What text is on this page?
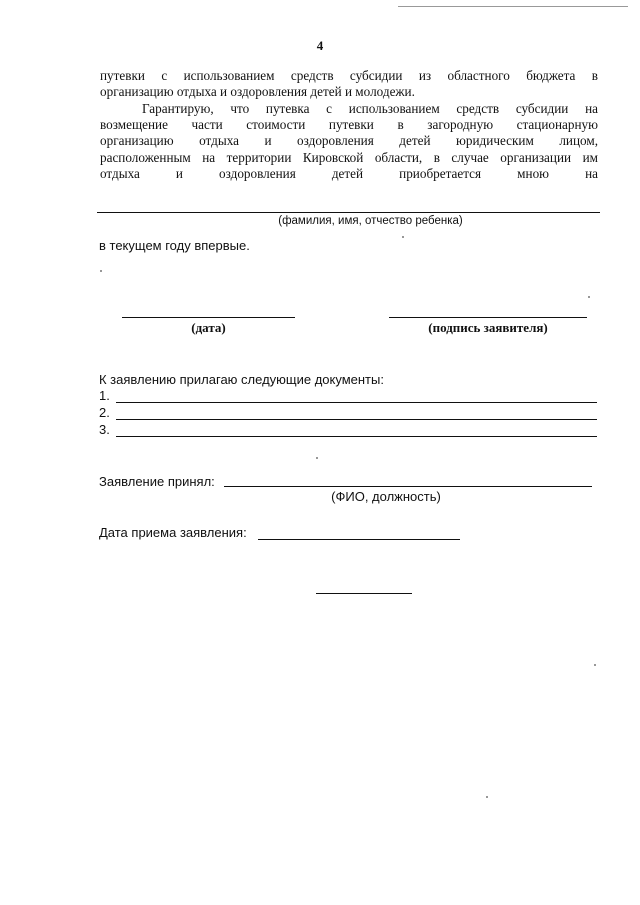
4
путевки с использованием средств субсидии из областного бюджета в
организацию отдыха и оздоровления детей и молодежи.
Гарантирую, что путевка с использованием средств субсидии на
возмещение части стоимости путевки в загородную стационарную
организацию отдыха и оздоровления детей юридическим лицом,
расположенным на территории Кировской области, в случае организации им
отдыха и оздоровления детей приобретается мною на
(фамилия, имя, отчество ребенка)
в текущем году впервые.
(дата)	(подпись заявителя)
К заявлению прилагаю следующие документы:
1.
2.
3.
Заявление принял:
(ФИО, должность)
Дата приема заявления:
